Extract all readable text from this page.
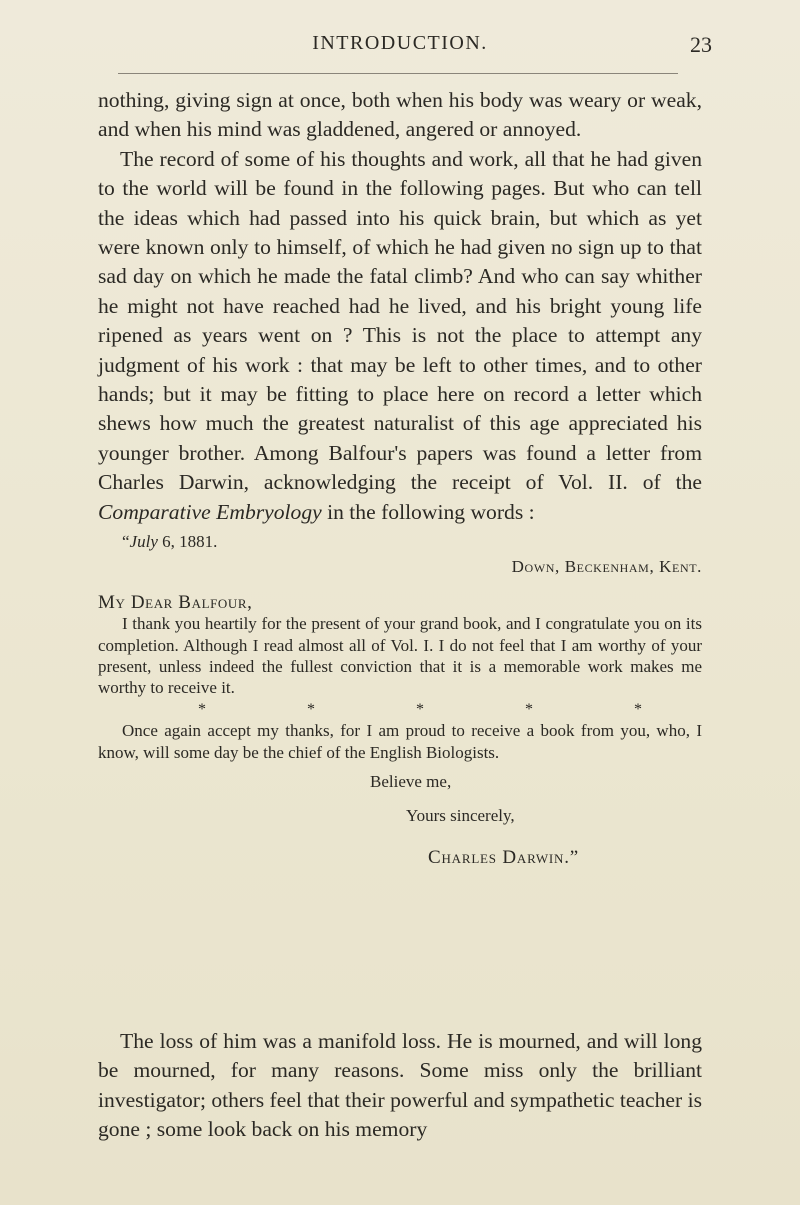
INTRODUCTION.	23

nothing, giving sign at once, both when his body was weary or weak, and when his mind was gladdened, angered or annoyed.

The record of some of his thoughts and work, all that he had given to the world will be found in the following pages. But who can tell the ideas which had passed into his quick brain, but which as yet were known only to himself, of which he had given no sign up to that sad day on which he made the fatal climb? And who can say whither he might not have reached had he lived, and his bright young life ripened as years went on ? This is not the place to attempt any judgment of his work : that may be left to other times, and to other hands; but it may be fitting to place here on record a letter which shews how much the greatest naturalist of this age appreciated his younger brother. Among Balfour's papers was found a letter from Charles Darwin, acknowledging the receipt of Vol. II. of the Comparative Embryology in the following words :

“July 6, 1881.
Down, Beckenham, Kent.
My Dear Balfour,

I thank you heartily for the present of your grand book, and I congratulate you on its completion. Although I read almost all of Vol. I. I do not feel that I am worthy of your present, unless indeed the fullest conviction that it is a memorable work makes me worthy to receive it.

*	*	*	*	*

Once again accept my thanks, for I am proud to receive a book from you, who, I know, will some day be the chief of the English Biologists.

Believe me,
Yours sincerely,
Charles Darwin.”

The loss of him was a manifold loss. He is mourned, and will long be mourned, for many reasons. Some miss only the brilliant investigator; others feel that their powerful and sympathetic teacher is gone ; some look back on his memory
